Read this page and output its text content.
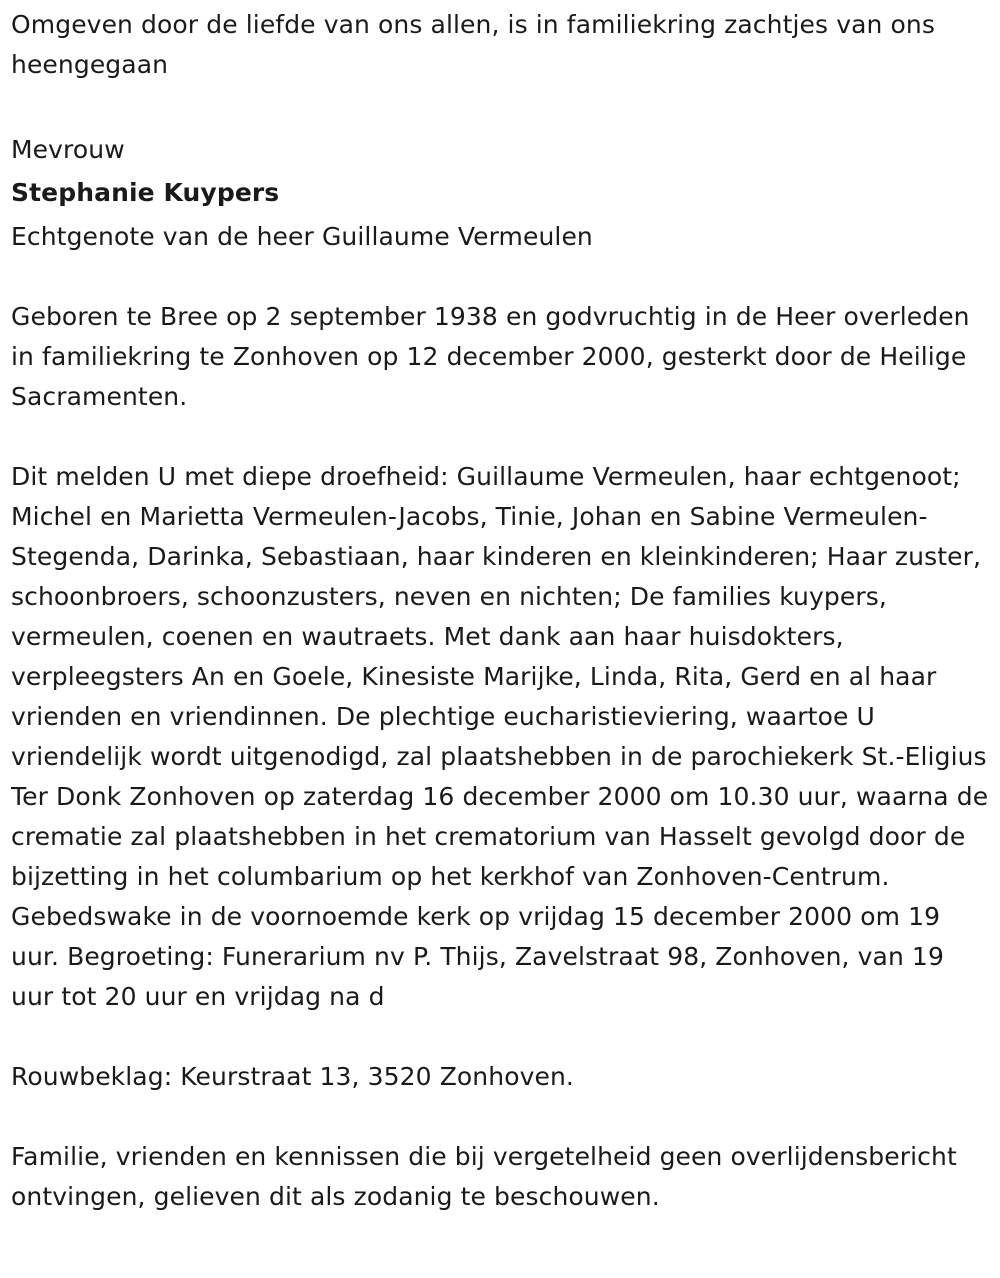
Omgeven door de liefde van ons allen, is in familiekring zachtjes van ons heengegaan

Mevrouw

Stephanie Kuypers

Echtgenote van de heer Guillaume Vermeulen

Geboren te Bree op 2 september 1938 en godvruchtig in de Heer overleden in familiekring te Zonhoven op 12 december 2000, gesterkt door de Heilige Sacramenten.

Dit melden U met diepe droefheid: Guillaume Vermeulen, haar echtgenoot; Michel en Marietta Vermeulen-Jacobs, Tinie, Johan en Sabine Vermeulen-Stegenda, Darinka, Sebastiaan, haar kinderen en kleinkinderen; Haar zuster, schoonbroers, schoonzusters, neven en nichten; De families kuypers, vermeulen, coenen en wautraets. Met dank aan haar huisdokters, verpleegsters An en Goele, Kinesiste Marijke, Linda, Rita, Gerd en al haar vrienden en vriendinnen. De plechtige eucharistieviering, waartoe U vriendelijk wordt uitgenodigd, zal plaatshebben in de parochiekerk St.-Eligius Ter Donk Zonhoven op zaterdag 16 december 2000 om 10.30 uur, waarna de crematie zal plaatshebben in het crematorium van Hasselt gevolgd door de bijzetting in het columbarium op het kerkhof van Zonhoven-Centrum. Gebedswake in de voornoemde kerk op vrijdag 15 december 2000 om 19 uur. Begroeting: Funerarium nv P. Thijs, Zavelstraat 98, Zonhoven, van 19 uur tot 20 uur en vrijdag na d

Rouwbeklag: Keurstraat 13, 3520 Zonhoven.

Familie, vrienden en kennissen die bij vergetelheid geen overlijdensbericht ontvingen, gelieven dit als zodanig te beschouwen.
